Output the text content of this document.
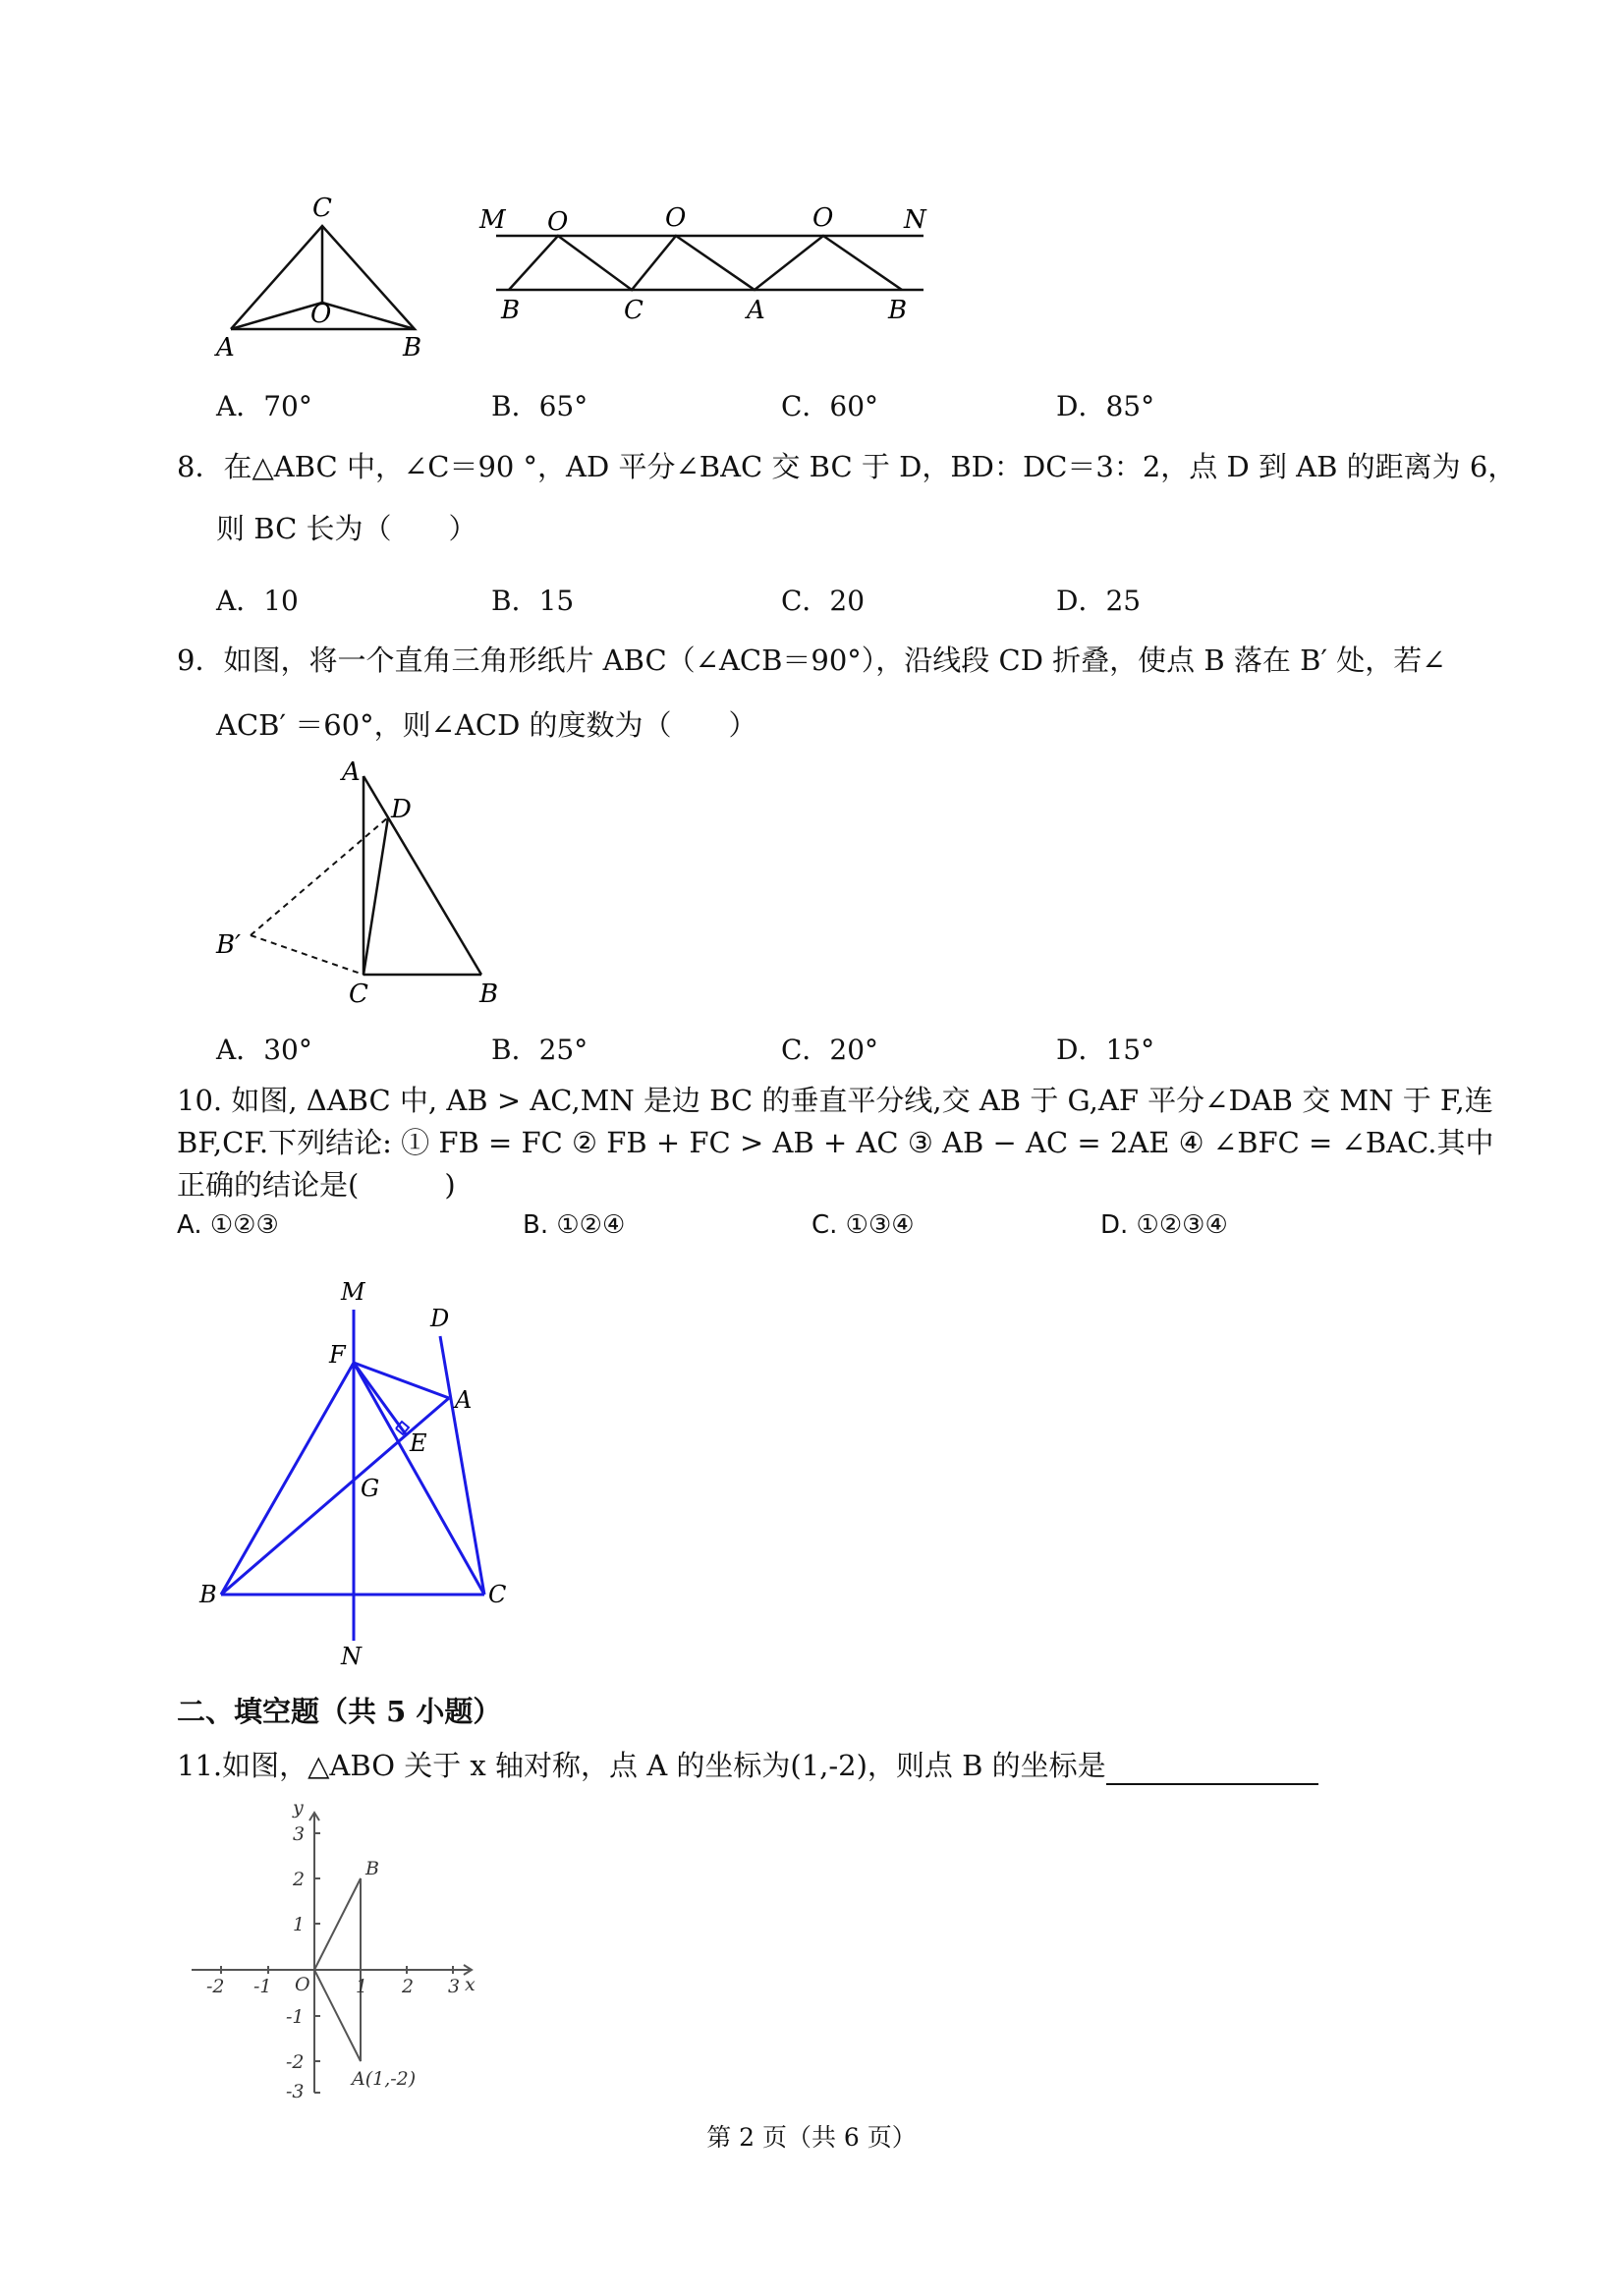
C
O
A	B
M O	O	O	N
B	C	A	B
A．70°	B．65°	C．60°	D．85°
8．在△ABC 中，∠C＝90 °，AD 平分∠BAC 交 BC 于 D，BD：DC＝3：2，点 D 到 AB 的距离为 6，
则 BC 长为（　　）
A．10	B．15	C．20	D．25
9．如图，将一个直角三角形纸片 ABC（∠ACB＝90°），沿线段 CD 折叠，使点 B 落在 B′ 处，若∠
ACB′ ＝60°，则∠ACD 的度数为（　　）
A
D
B′
C	B
A．30°	B．25°	C．20°	D．15°
10. 如图, ΔABC 中, AB > AC,MN 是边 BC 的垂直平分线,交 AB 于 G,AF 平分∠DAB 交 MN 于 F,连
BF,CF.下列结论: ① FB = FC ② FB + FC > AB + AC ③ AB − AC = 2AE ④ ∠BFC = ∠BAC.其中
正确的结论是(　　　)
A. ①②③	B. ①②④	C. ①③④	D. ①②③④
M
D
F
A
E
G
B	C
N
二、填空题（共 5 小题）
11.如图，△ABO 关于 x 轴对称，点 A 的坐标为(1,-2)，则点 B 的坐标是
y
x
O
B
A(1,-2)
-2 -1	1 2 3
3
2
1
-1
-2
-3
第 2 页（共 6 页）
